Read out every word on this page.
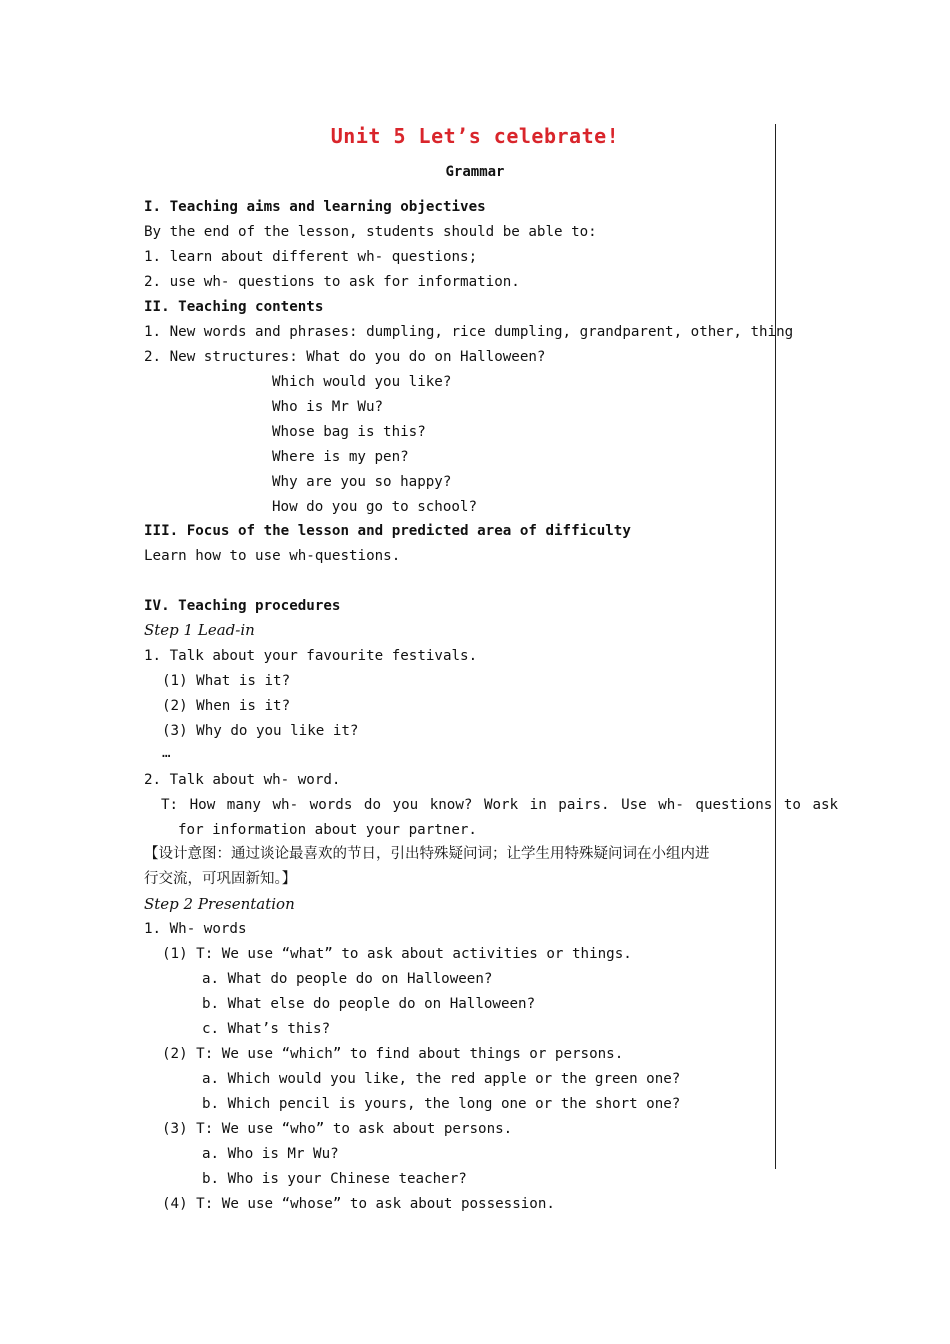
Unit 5 Let’s celebrate!
Grammar
I. Teaching aims and learning objectives
By the end of the lesson, students should be able to:
1. learn about different wh- questions;
2. use wh- questions to ask for information.
II. Teaching contents
1. New words and phrases: dumpling, rice dumpling, grandparent, other, thing
2. New structures: What do you do on Halloween?
Which would you like?
Who is Mr Wu?
Whose bag is this?
Where is my pen?
Why are you so happy?
How do you go to school?
III. Focus of the lesson and predicted area of difficulty
Learn how to use wh-questions.
IV. Teaching procedures
Step 1 Lead-in
1. Talk about your favourite festivals.
(1) What is it?
(2) When is it?
(3) Why do you like it?
…
2. Talk about wh- word.
T: How many wh- words do you know? Work in pairs. Use wh- questions to ask
for information about your partner.
【设计意图：通过谈论最喜欢的节日，引出特殊疑问词；让学生用特殊疑问词在小组内进
行交流，可巩固新知。】
Step 2 Presentation
1. Wh- words
(1) T: We use “what” to ask about activities or things.
a. What do people do on Halloween?
b. What else do people do on Halloween?
c. What’s this?
(2) T: We use “which” to find about things or persons.
a. Which would you like, the red apple or the green one?
b. Which pencil is yours, the long one or the short one?
(3) T: We use “who” to ask about persons.
a. Who is Mr Wu?
b. Who is your Chinese teacher?
(4) T: We use “whose” to ask about possession.
